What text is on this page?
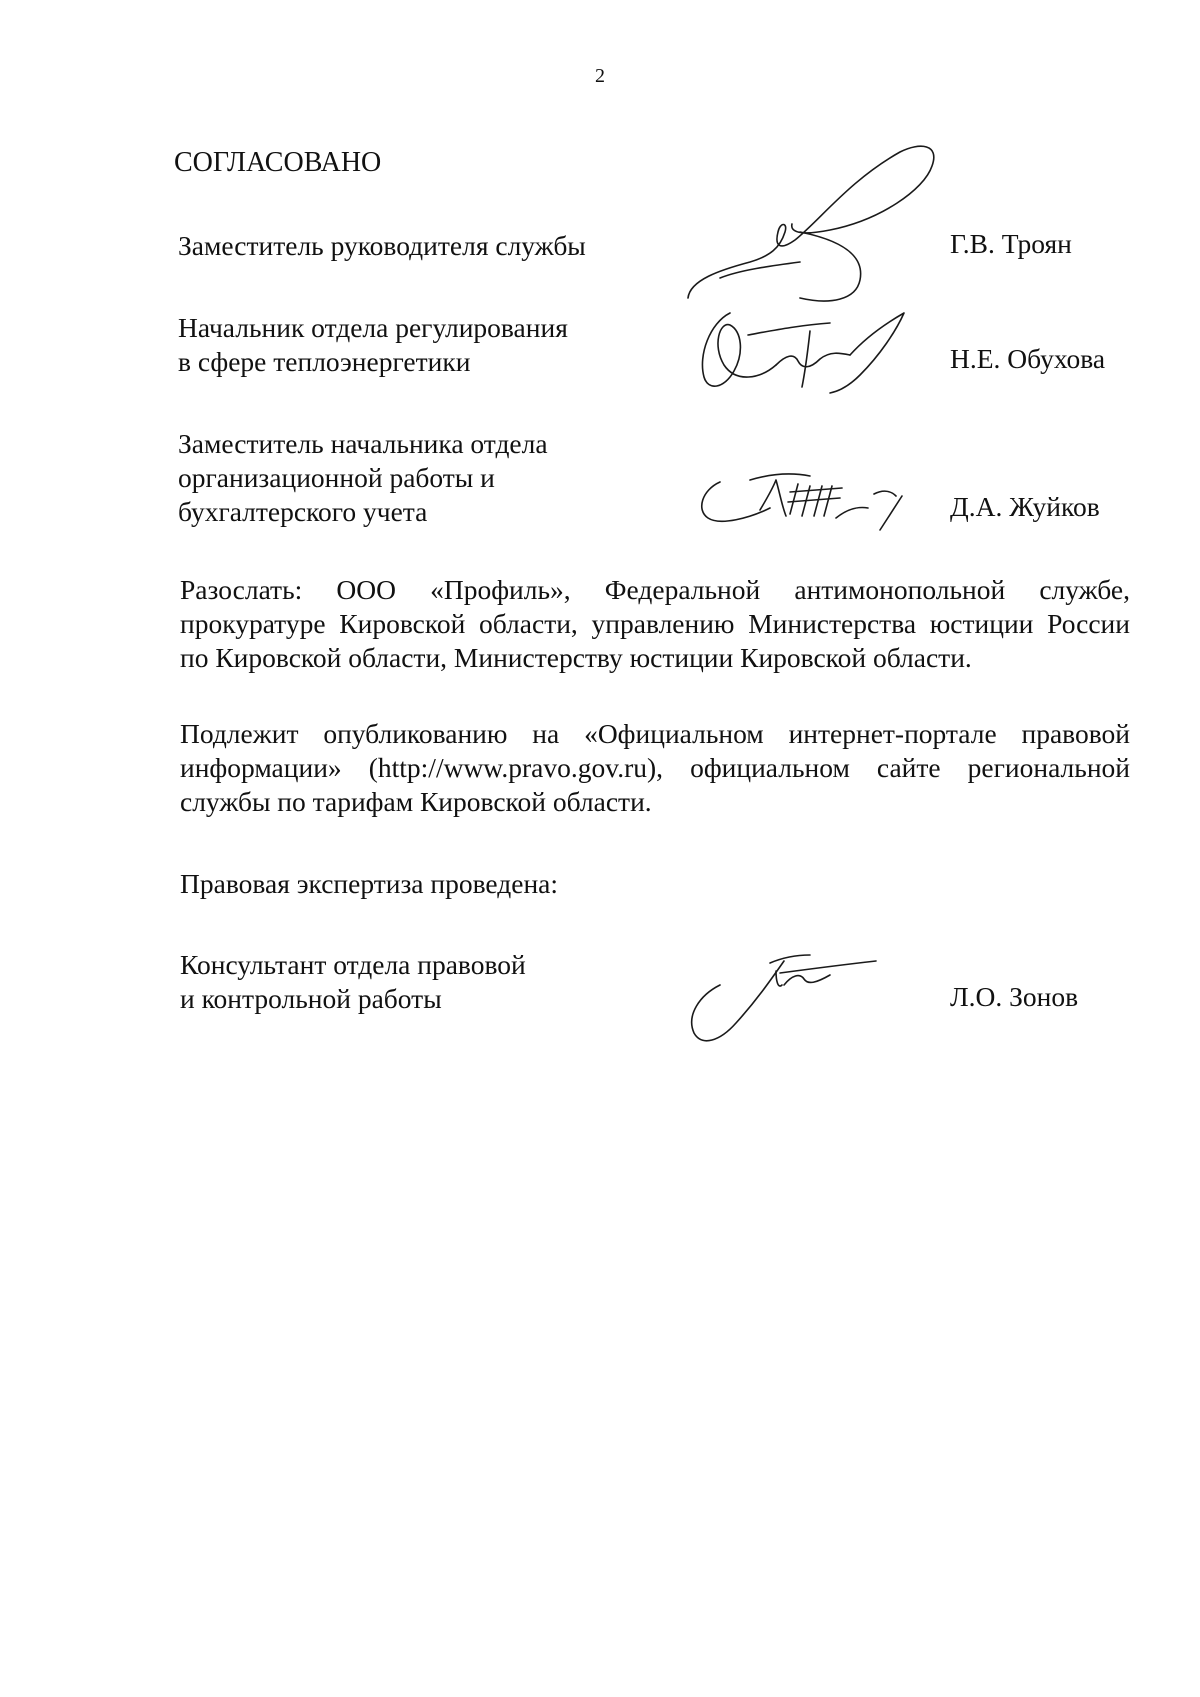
2
СОГЛАСОВАНО
Заместитель руководителя службы	Г.В. Троян
Начальник отдела регулирования
в сфере теплоэнергетики	Н.Е. Обухова
Заместитель начальника отдела
организационной работы и
бухгалтерского учета	Д.А. Жуйков
Разослать: ООО «Профиль», Федеральной антимонопольной службе,
прокуратуре Кировской области, управлению Министерства юстиции России
по Кировской области, Министерству юстиции Кировской области.
Подлежит опубликованию на «Официальном интернет-портале правовой
информации» (http://www.pravo.gov.ru), официальном сайте региональной
службы по тарифам Кировской области.
Правовая экспертиза проведена:
Консультант отдела правовой
и контрольной работы	Л.О. Зонов
